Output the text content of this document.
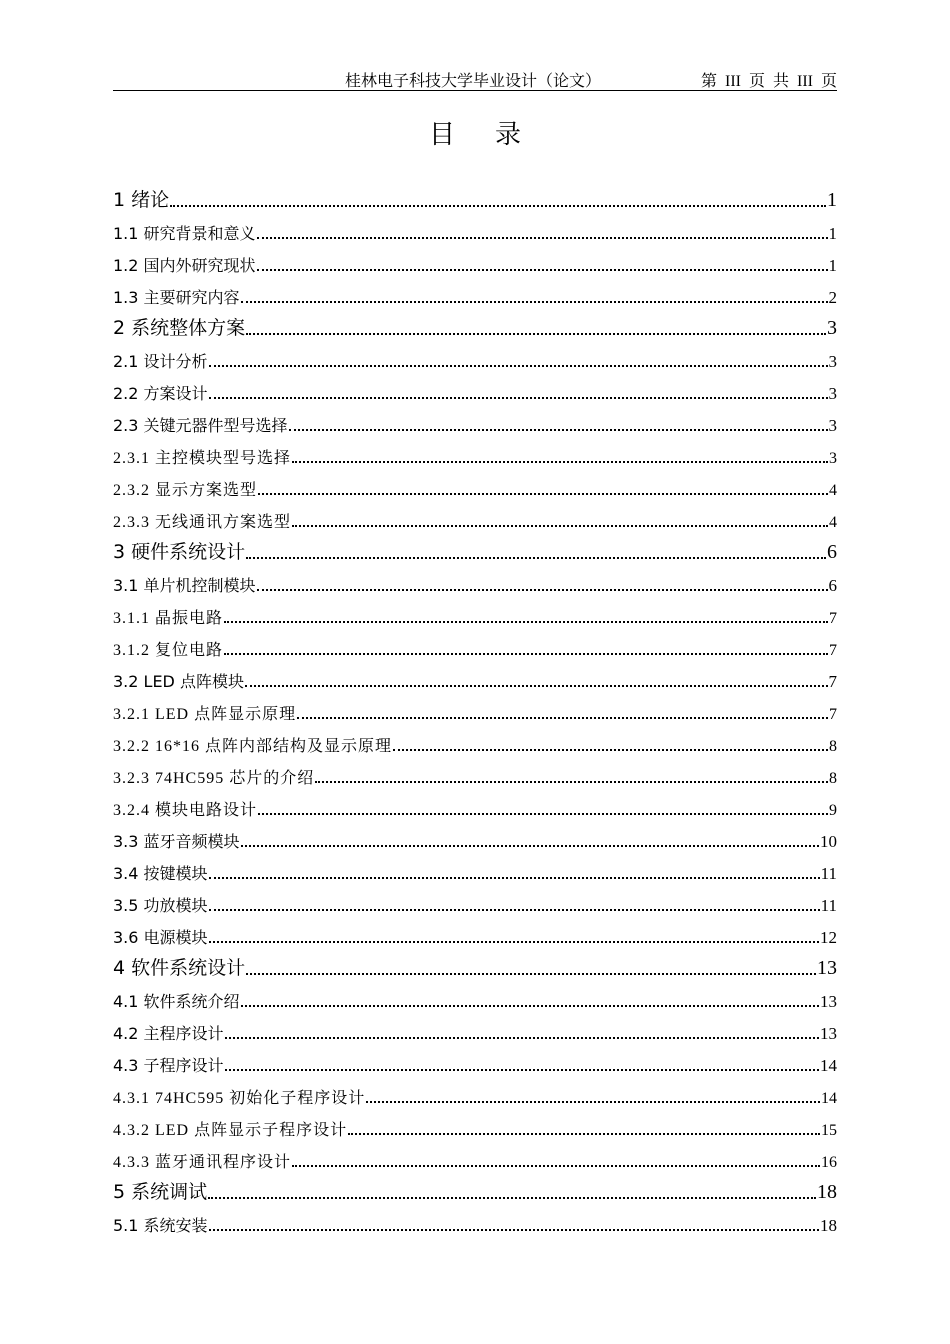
桂林电子科技大学毕业设计（论文）	第 III 页 共 III 页
目录
1 绪论	1
1.1 研究背景和意义	1
1.2 国内外研究现状	1
1.3 主要研究内容	2
2 系统整体方案	3
2.1 设计分析	3
2.2 方案设计	3
2.3 关键元器件型号选择	3
2.3.1 主控模块型号选择	3
2.3.2 显示方案选型	4
2.3.3 无线通讯方案选型	4
3 硬件系统设计	6
3.1 单片机控制模块	6
3.1.1 晶振电路	7
3.1.2 复位电路	7
3.2 LED 点阵模块	7
3.2.1 LED 点阵显示原理	7
3.2.2 16*16 点阵内部结构及显示原理	8
3.2.3 74HC595 芯片的介绍	8
3.2.4 模块电路设计	9
3.3 蓝牙音频模块	10
3.4 按键模块	11
3.5 功放模块	11
3.6 电源模块	12
4 软件系统设计	13
4.1 软件系统介绍	13
4.2 主程序设计	13
4.3 子程序设计	14
4.3.1 74HC595 初始化子程序设计	14
4.3.2 LED 点阵显示子程序设计	15
4.3.3 蓝牙通讯程序设计	16
5 系统调试	18
5.1 系统安装	18
